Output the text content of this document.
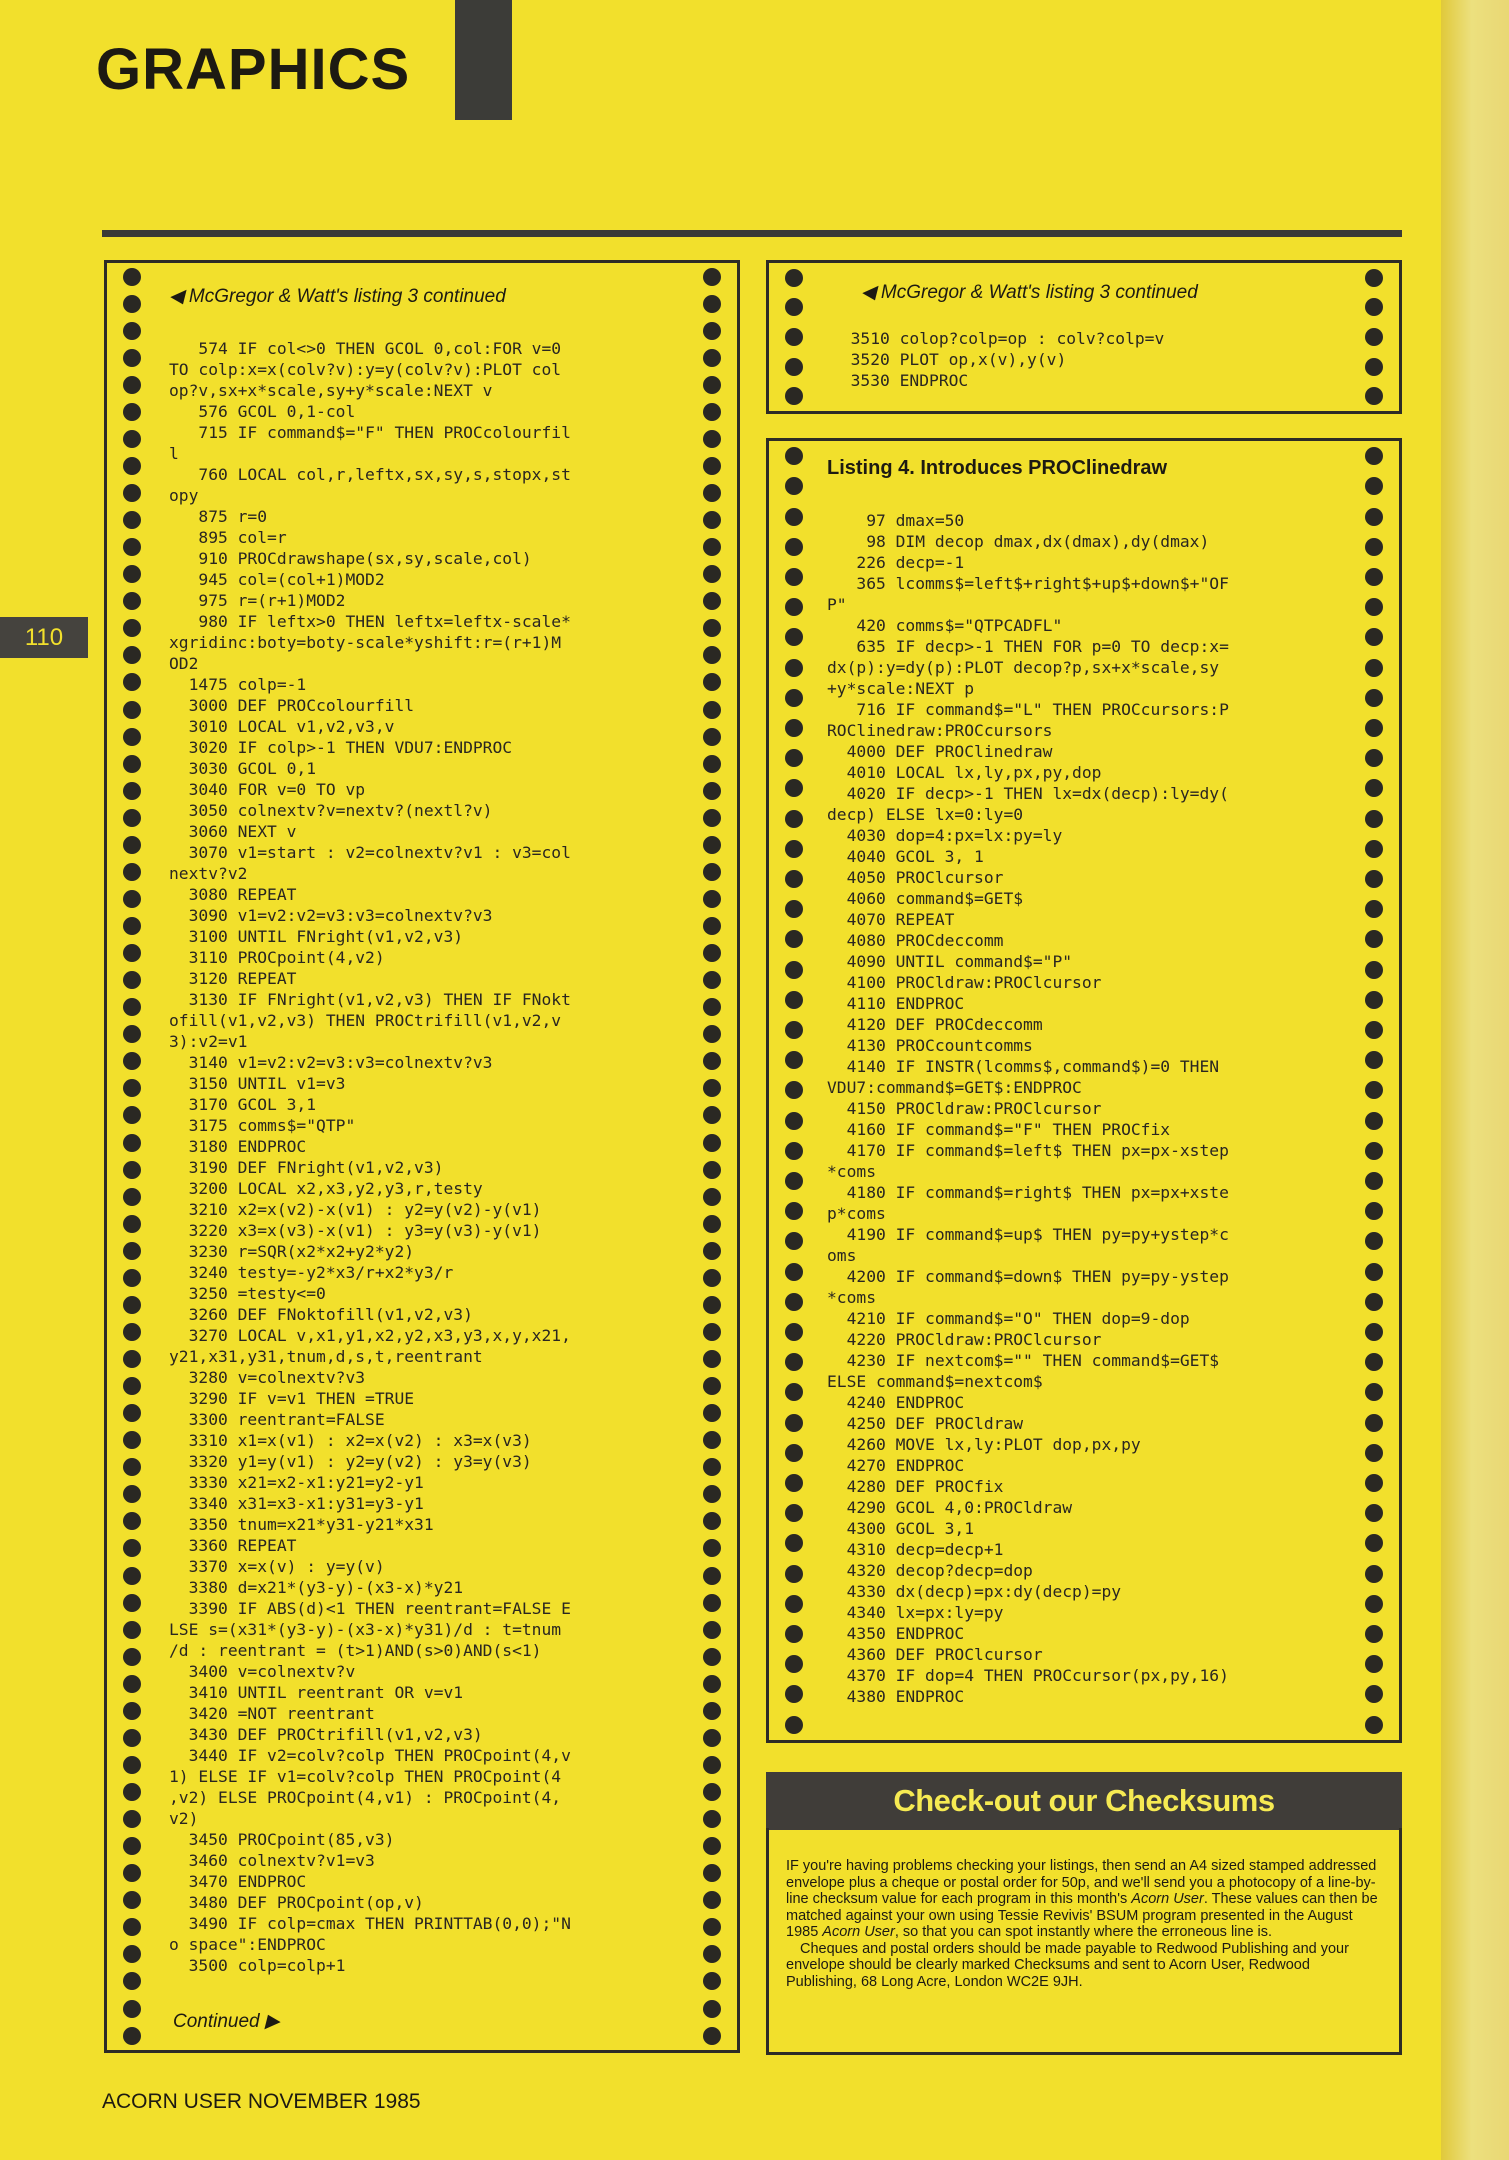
GRAPHICS
110
◀ McGregor & Watt's listing 3 continued
574 IF col<>0 THEN GCOL 0,col:FOR v=0
TO colp:x=x(colv?v):y=y(colv?v):PLOT col
op?v,sx+x*scale,sy+y*scale:NEXT v
576 GCOL 0,1-col
715 IF command$="F" THEN PROCcolourfil
l
760 LOCAL col,r,leftx,sx,sy,s,stopx,st
opy
875 r=0
895 col=r
910 PROCdrawshape(sx,sy,scale,col)
945 col=(col+1)MOD2
975 r=(r+1)MOD2
980 IF leftx>0 THEN leftx=leftx-scale*
xgridinc:boty=boty-scale*yshift:r=(r+1)M
OD2
1475 colp=-1
3000 DEF PROCcolourfill
3010 LOCAL v1,v2,v3,v
3020 IF colp>-1 THEN VDU7:ENDPROC
3030 GCOL 0,1
3040 FOR v=0 TO vp
3050 colnextv?v=nextv?(nextl?v)
3060 NEXT v
3070 v1=start : v2=colnextv?v1 : v3=col
nextv?v2
3080 REPEAT
3090 v1=v2:v2=v3:v3=colnextv?v3
3100 UNTIL FNright(v1,v2,v3)
3110 PROCpoint(4,v2)
3120 REPEAT
3130 IF FNright(v1,v2,v3) THEN IF FNokt
ofill(v1,v2,v3) THEN PROCtrifill(v1,v2,v
3):v2=v1
3140 v1=v2:v2=v3:v3=colnextv?v3
3150 UNTIL v1=v3
3170 GCOL 3,1
3175 comms$="QTP"
3180 ENDPROC
3190 DEF FNright(v1,v2,v3)
3200 LOCAL x2,x3,y2,y3,r,testy
3210 x2=x(v2)-x(v1) : y2=y(v2)-y(v1)
3220 x3=x(v3)-x(v1) : y3=y(v3)-y(v1)
3230 r=SQR(x2*x2+y2*y2)
3240 testy=-y2*x3/r+x2*y3/r
3250 =testy<=0
3260 DEF FNoktofill(v1,v2,v3)
3270 LOCAL v,x1,y1,x2,y2,x3,y3,x,y,x21,
y21,x31,y31,tnum,d,s,t,reentrant
3280 v=colnextv?v3
3290 IF v=v1 THEN =TRUE
3300 reentrant=FALSE
3310 x1=x(v1) : x2=x(v2) : x3=x(v3)
3320 y1=y(v1) : y2=y(v2) : y3=y(v3)
3330 x21=x2-x1:y21=y2-y1
3340 x31=x3-x1:y31=y3-y1
3350 tnum=x21*y31-y21*x31
3360 REPEAT
3370 x=x(v) : y=y(v)
3380 d=x21*(y3-y)-(x3-x)*y21
3390 IF ABS(d)<1 THEN reentrant=FALSE E
LSE s=(x31*(y3-y)-(x3-x)*y31)/d : t=tnum
/d : reentrant = (t>1)AND(s>0)AND(s<1)
3400 v=colnextv?v
3410 UNTIL reentrant OR v=v1
3420 =NOT reentrant
3430 DEF PROCtrifill(v1,v2,v3)
3440 IF v2=colv?colp THEN PROCpoint(4,v
1) ELSE IF v1=colv?colp THEN PROCpoint(4
,v2) ELSE PROCpoint(4,v1) : PROCpoint(4,
v2)
3450 PROCpoint(85,v3)
3460 colnextv?v1=v3
3470 ENDPROC
3480 DEF PROCpoint(op,v)
3490 IF colp=cmax THEN PRINTTAB(0,0);"N
o space":ENDPROC
3500 colp=colp+1
Continued ▶
◀ McGregor & Watt's listing 3 continued
3510 colop?colp=op : colv?colp=v
3520 PLOT op,x(v),y(v)
3530 ENDPROC
Listing 4. Introduces PROClinedraw
97 dmax=50
98 DIM decop dmax,dx(dmax),dy(dmax)
226 decp=-1
365 lcomms$=left$+right$+up$+down$+"OF
P"
420 comms$="QTPCADFL"
635 IF decp>-1 THEN FOR p=0 TO decp:x=
dx(p):y=dy(p):PLOT decop?p,sx+x*scale,sy
+y*scale:NEXT p
716 IF command$="L" THEN PROCcursors:P
ROClinedraw:PROCcursors
4000 DEF PROClinedraw
4010 LOCAL lx,ly,px,py,dop
4020 IF decp>-1 THEN lx=dx(decp):ly=dy(
decp) ELSE lx=0:ly=0
4030 dop=4:px=lx:py=ly
4040 GCOL 3, 1
4050 PROClcursor
4060 command$=GET$
4070 REPEAT
4080 PROCdeccomm
4090 UNTIL command$="P"
4100 PROCldraw:PROClcursor
4110 ENDPROC
4120 DEF PROCdeccomm
4130 PROCcountcomms
4140 IF INSTR(lcomms$,command$)=0 THEN
VDU7:command$=GET$:ENDPROC
4150 PROCldraw:PROClcursor
4160 IF command$="F" THEN PROCfix
4170 IF command$=left$ THEN px=px-xstep
*coms
4180 IF command$=right$ THEN px=px+xste
p*coms
4190 IF command$=up$ THEN py=py+ystep*c
oms
4200 IF command$=down$ THEN py=py-ystep
*coms
4210 IF command$="O" THEN dop=9-dop
4220 PROCldraw:PROClcursor
4230 IF nextcom$="" THEN command$=GET$
ELSE command$=nextcom$
4240 ENDPROC
4250 DEF PROCldraw
4260 MOVE lx,ly:PLOT dop,px,py
4270 ENDPROC
4280 DEF PROCfix
4290 GCOL 4,0:PROCldraw
4300 GCOL 3,1
4310 decp=decp+1
4320 decop?decp=dop
4330 dx(decp)=px:dy(decp)=py
4340 lx=px:ly=py
4350 ENDPROC
4360 DEF PROClcursor
4370 IF dop=4 THEN PROCcursor(px,py,16)
4380 ENDPROC
Check-out our Checksums

IF you're having problems checking your listings, then send an A4 sized stamped addressed envelope plus a cheque or postal order for 50p, and we'll send you a photocopy of a line-by-line checksum value for each program in this month's Acorn User. These values can then be matched against your own using Tessie Revivis' BSUM program presented in the August 1985 Acorn User, so that you can spot instantly where the erroneous line is.

Cheques and postal orders should be made payable to Redwood Publishing and your envelope should be clearly marked Checksums and sent to Acorn User, Redwood Publishing, 68 Long Acre, London WC2E 9JH.

ACORN USER NOVEMBER 1985
